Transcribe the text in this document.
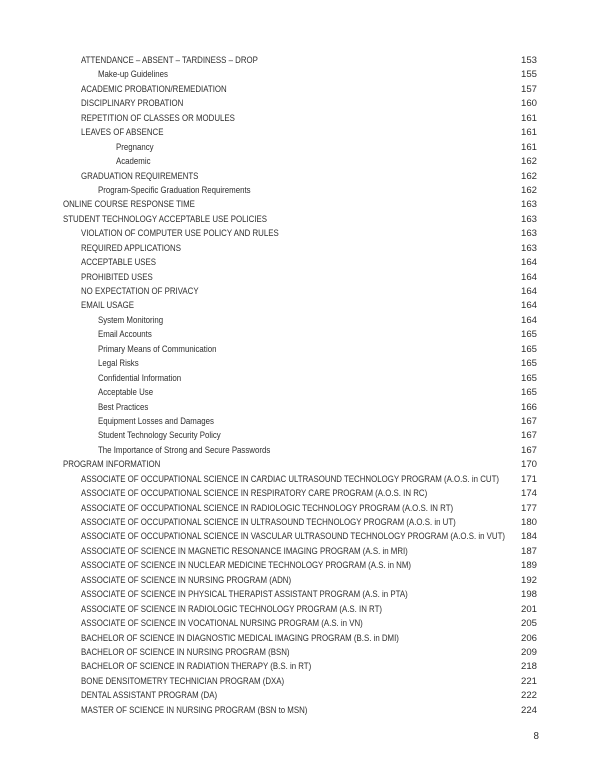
ATTENDANCE – ABSENT – TARDINESS – DROP	153
Make-up Guidelines	155
ACADEMIC PROBATION/REMEDIATION	157
DISCIPLINARY PROBATION	160
REPETITION OF CLASSES OR MODULES	161
LEAVES OF ABSENCE	161
Pregnancy	161
Academic	162
GRADUATION REQUIREMENTS	162
Program-Specific Graduation Requirements	162
ONLINE COURSE RESPONSE TIME	163
STUDENT TECHNOLOGY ACCEPTABLE USE POLICIES	163
VIOLATION OF COMPUTER USE POLICY AND RULES	163
REQUIRED APPLICATIONS	163
ACCEPTABLE USES	164
PROHIBITED USES	164
NO EXPECTATION OF PRIVACY	164
EMAIL USAGE	164
System Monitoring	164
Email Accounts	165
Primary Means of Communication	165
Legal Risks	165
Confidential Information	165
Acceptable Use	165
Best Practices	166
Equipment Losses and Damages	167
Student Technology Security Policy	167
The Importance of Strong and Secure Passwords	167
PROGRAM INFORMATION	170
ASSOCIATE OF OCCUPATIONAL SCIENCE IN CARDIAC ULTRASOUND TECHNOLOGY PROGRAM (A.O.S. in CUT) 171
ASSOCIATE OF OCCUPATIONAL SCIENCE IN RESPIRATORY CARE PROGRAM (A.O.S. IN RC)	174
ASSOCIATE OF OCCUPATIONAL SCIENCE IN RADIOLOGIC TECHNOLOGY PROGRAM (A.O.S. IN RT)	177
ASSOCIATE OF OCCUPATIONAL SCIENCE IN ULTRASOUND TECHNOLOGY PROGRAM (A.O.S. in UT)	180
ASSOCIATE OF OCCUPATIONAL SCIENCE IN VASCULAR ULTRASOUND TECHNOLOGY PROGRAM (A.O.S. in VUT) 184
ASSOCIATE OF SCIENCE IN MAGNETIC RESONANCE IMAGING PROGRAM (A.S. in MRI)	187
ASSOCIATE OF SCIENCE IN NUCLEAR MEDICINE TECHNOLOGY PROGRAM (A.S. in NM)	189
ASSOCIATE OF SCIENCE IN NURSING PROGRAM (ADN)	192
ASSOCIATE OF SCIENCE IN PHYSICAL THERAPIST ASSISTANT PROGRAM (A.S. in PTA)	198
ASSOCIATE OF SCIENCE IN RADIOLOGIC TECHNOLOGY PROGRAM (A.S. IN RT)	201
ASSOCIATE OF SCIENCE IN VOCATIONAL NURSING PROGRAM (A.S. in VN)	205
BACHELOR OF SCIENCE IN DIAGNOSTIC MEDICAL IMAGING PROGRAM (B.S. in DMI)	206
BACHELOR OF SCIENCE IN NURSING PROGRAM (BSN)	209
BACHELOR OF SCIENCE IN RADIATION THERAPY (B.S. in RT)	218
BONE DENSITOMETRY TECHNICIAN PROGRAM (DXA)	221
DENTAL ASSISTANT PROGRAM (DA)	222
MASTER OF SCIENCE IN NURSING PROGRAM (BSN to MSN)	224
8
